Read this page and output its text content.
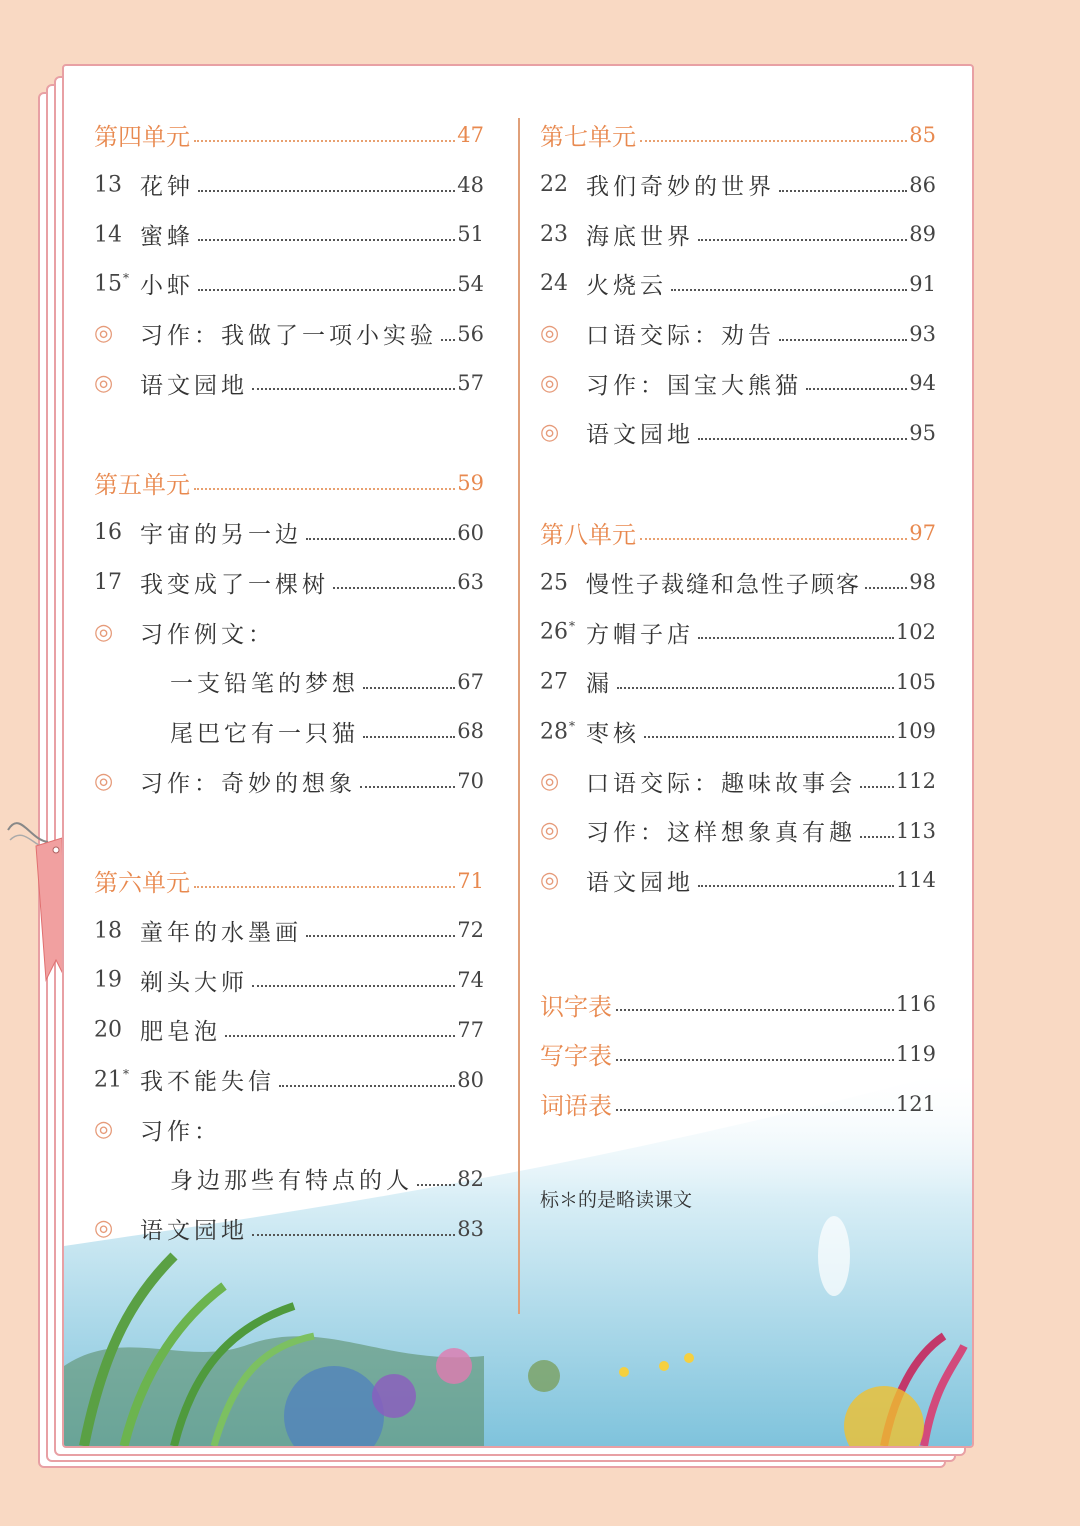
第四单元	47
13 花钟	48
14 蜜蜂	51
15* 小虾	54
◎	习作：我做了一项小实验 56
◎	语文园地	57
第五单元	59
16 宇宙的另一边	60
17 我变成了一棵树	63
◎	习作例文：
一支铅笔的梦想	67
尾巴它有一只猫	68
◎	习作：奇妙的想象	70
第六单元	71
18 童年的水墨画	72
19 剃头大师	74
20 肥皂泡	77
21* 我不能失信	80
◎	习作：
身边那些有特点的人 82
◎	语文园地	83
第七单元	85
22 我们奇妙的世界	86
23 海底世界	89
24 火烧云	91
◎	口语交际：劝告	93
◎	习作：国宝大熊猫	94
◎	语文园地	95
第八单元	97
25 慢性子裁缝和急性子顾客 98
26* 方帽子店	102
27 漏	105
28* 枣核	109
◎	口语交际：趣味故事会 112
◎	习作：这样想象真有趣 113
◎	语文园地	114
识字表	116
写字表	119
词语表	121
标＊的是略读课文
